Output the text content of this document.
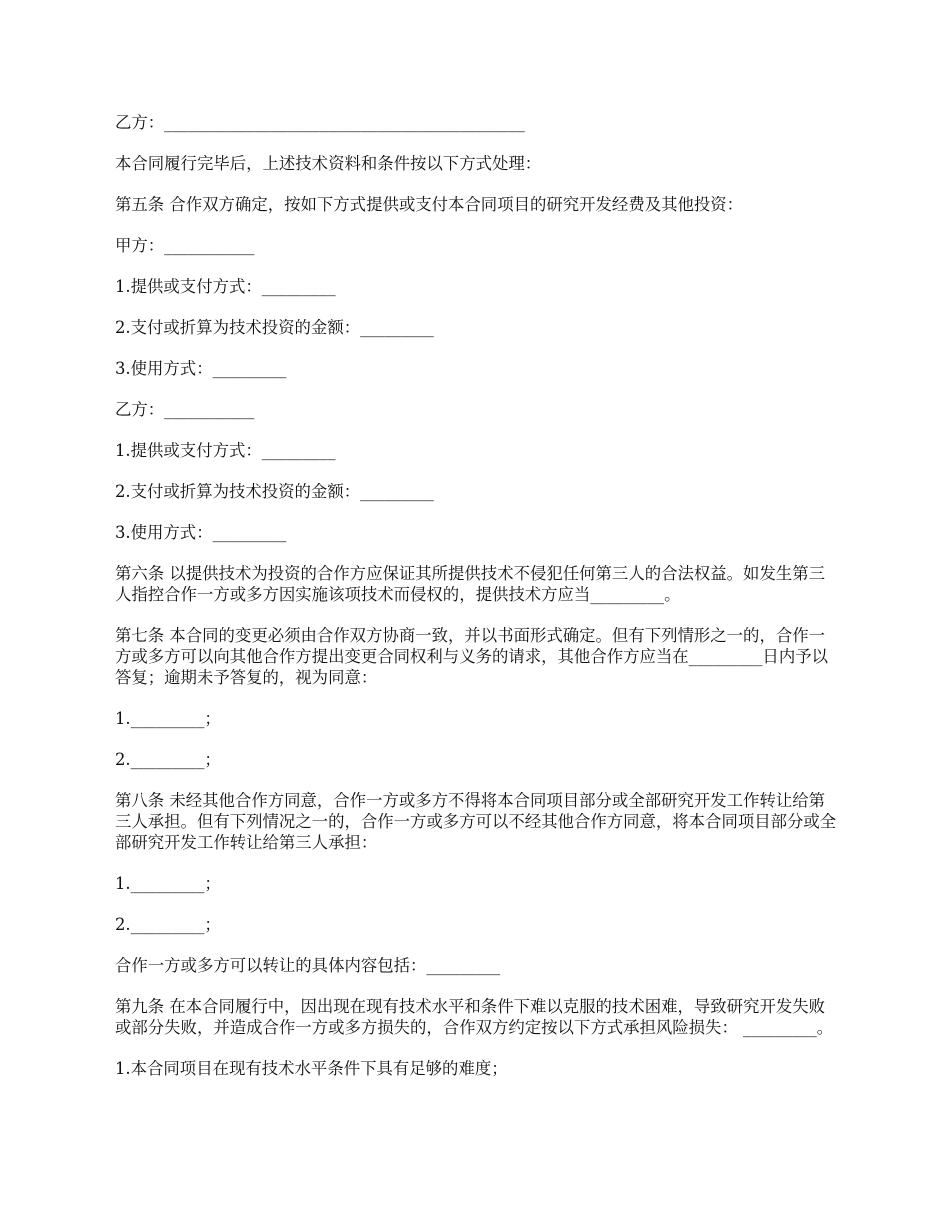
乙方：____________________________________________

本合同履行完毕后，上述技术资料和条件按以下方式处理：

第五条 合作双方确定，按如下方式提供或支付本合同项目的研究开发经费及其他投资：

甲方：___________

1.提供或支付方式：_________

2.支付或折算为技术投资的金额：_________

3.使用方式：_________

乙方：___________

1.提供或支付方式：_________

2.支付或折算为技术投资的金额：_________

3.使用方式：_________

第六条 以提供技术为投资的合作方应保证其所提供技术不侵犯任何第三人的合法权益。如发生第三人指控合作一方或多方因实施该项技术而侵权的，提供技术方应当_________。

第七条 本合同的变更必须由合作双方协商一致，并以书面形式确定。但有下列情形之一的，合作一方或多方可以向其他合作方提出变更合同权利与义务的请求，其他合作方应当在_________日内予以答复；逾期未予答复的，视为同意：

1._________；

2._________；

第八条 未经其他合作方同意，合作一方或多方不得将本合同项目部分或全部研究开发工作转让给第三人承担。但有下列情况之一的，合作一方或多方可以不经其他合作方同意，将本合同项目部分或全部研究开发工作转让给第三人承担：

1._________；

2._________；

合作一方或多方可以转让的具体内容包括：_________

第九条 在本合同履行中，因出现在现有技术水平和条件下难以克服的技术困难，导致研究开发失败或部分失败，并造成合作一方或多方损失的，合作双方约定按以下方式承担风险损失： _________。

1.本合同项目在现有技术水平条件下具有足够的难度；
